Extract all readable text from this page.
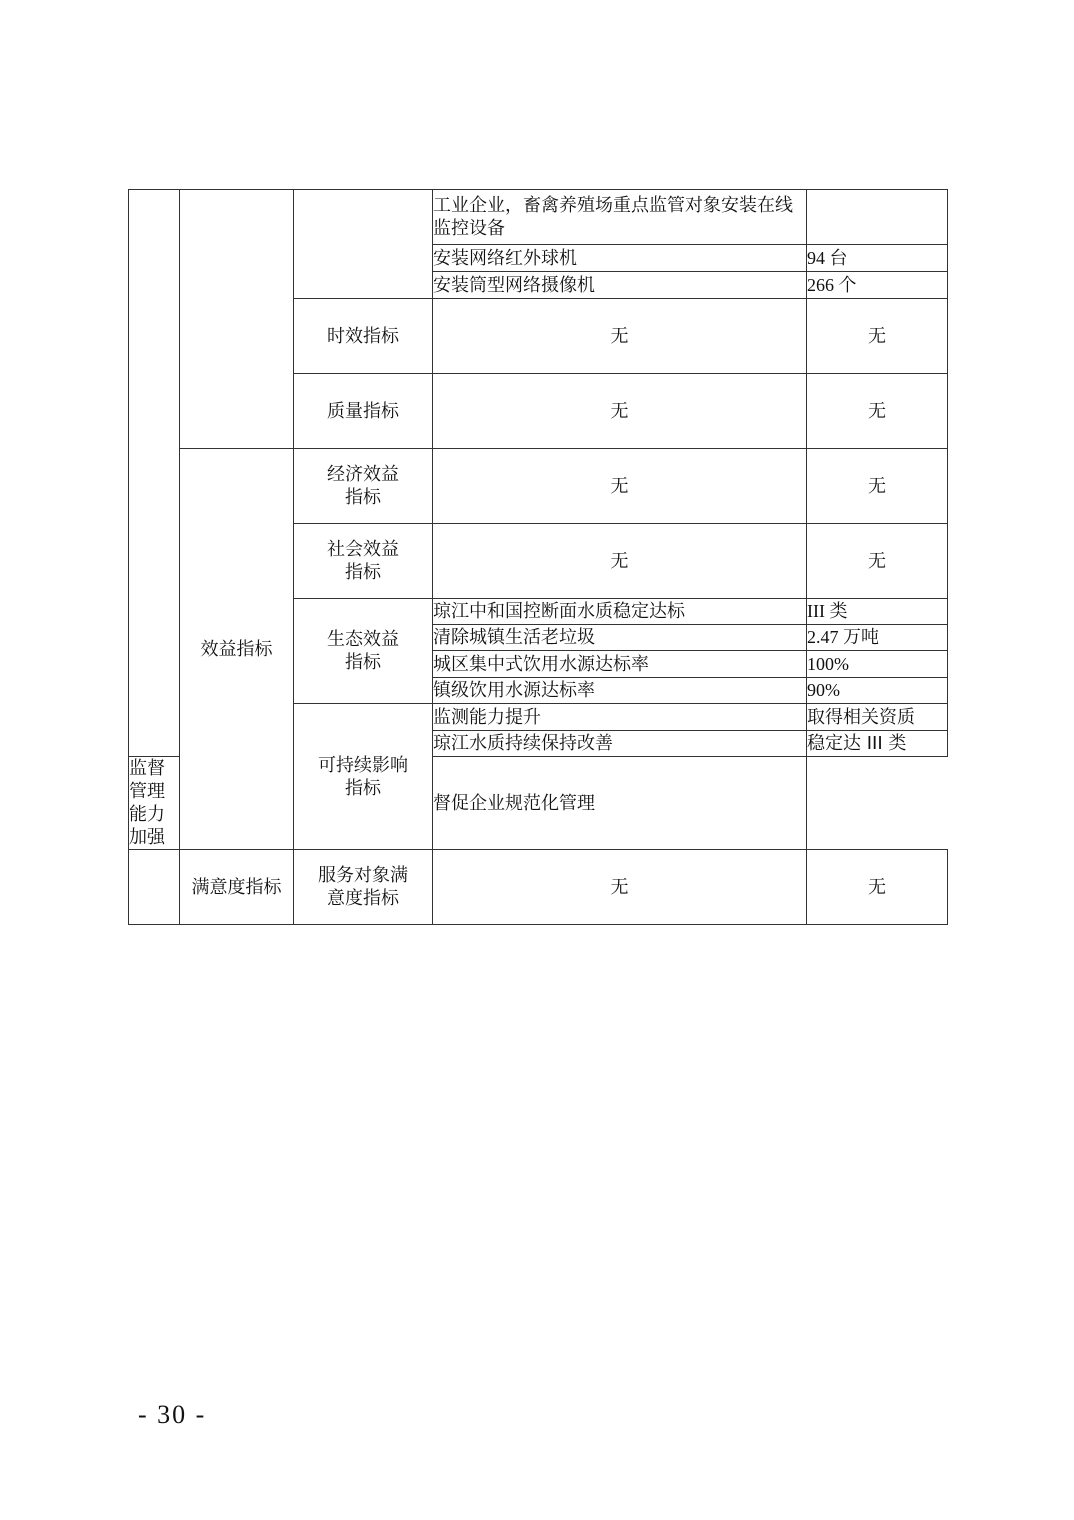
			工业企业，畜禽养殖场重点监管对象安装在线监控设备	
			安装网络红外球机	94 台
			安装筒型网络摄像机	266 个
		时效指标	无	无
		质量指标	无	无
	效益指标	经济效益指标	无	无

		社会效益指标	无	无

		生态效益指标	琼江中和国控断面水质稳定达标	III 类
			清除城镇生活老垃圾	2.47 万吨
			城区集中式饮用水源达标率	100%
			镇级饮用水源达标率	90%

		可持续影响指标	监测能力提升	取得相关资质
			琼江水质持续保持改善	稳定达 III 类
监督管理能力加强			督促企业规范化管理	
	满意度指标	服务对象满意度指标	无	无
- 30 -
